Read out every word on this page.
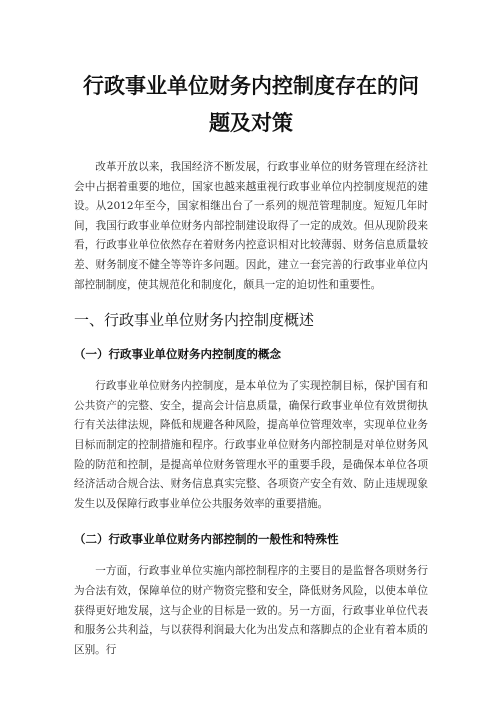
行政事业单位财务内控制度存在的问题及对策

改革开放以来，我国经济不断发展，行政事业单位的财务管理在经济社会中占据着重要的地位，国家也越来越重视行政事业单位内控制度规范的建设。从2012年至今，国家相继出台了一系列的规范管理制度。短短几年时间，我国行政事业单位财务内部控制建设取得了一定的成效。但从现阶段来看，行政事业单位依然存在着财务内控意识相对比较薄弱、财务信息质量较差、财务制度不健全等等许多问题。因此，建立一套完善的行政事业单位内部控制制度，使其规范化和制度化，颇具一定的迫切性和重要性。

一、行政事业单位财务内控制度概述
（一）行政事业单位财务内控制度的概念

行政事业单位财务内控制度，是本单位为了实现控制目标，保护国有和公共资产的完整、安全，提高会计信息质量，确保行政事业单位有效贯彻执行有关法律法规，降低和规避各种风险，提高单位管理效率，实现单位业务目标而制定的控制措施和程序。行政事业单位财务内部控制是对单位财务风险的防范和控制，是提高单位财务管理水平的重要手段，是确保本单位各项经济活动合规合法、财务信息真实完整、各项资产安全有效、防止违规现象发生以及保障行政事业单位公共服务效率的重要措施。

（二）行政事业单位财务内部控制的一般性和特殊性

一方面，行政事业单位实施内部控制程序的主要目的是监督各项财务行为合法有效，保障单位的财产物资完整和安全，降低财务风险，以使本单位获得更好地发展，这与企业的目标是一致的。另一方面，行政事业单位代表和服务公共利益，与以获得利润最大化为出发点和落脚点的企业有着本质的区别。行
